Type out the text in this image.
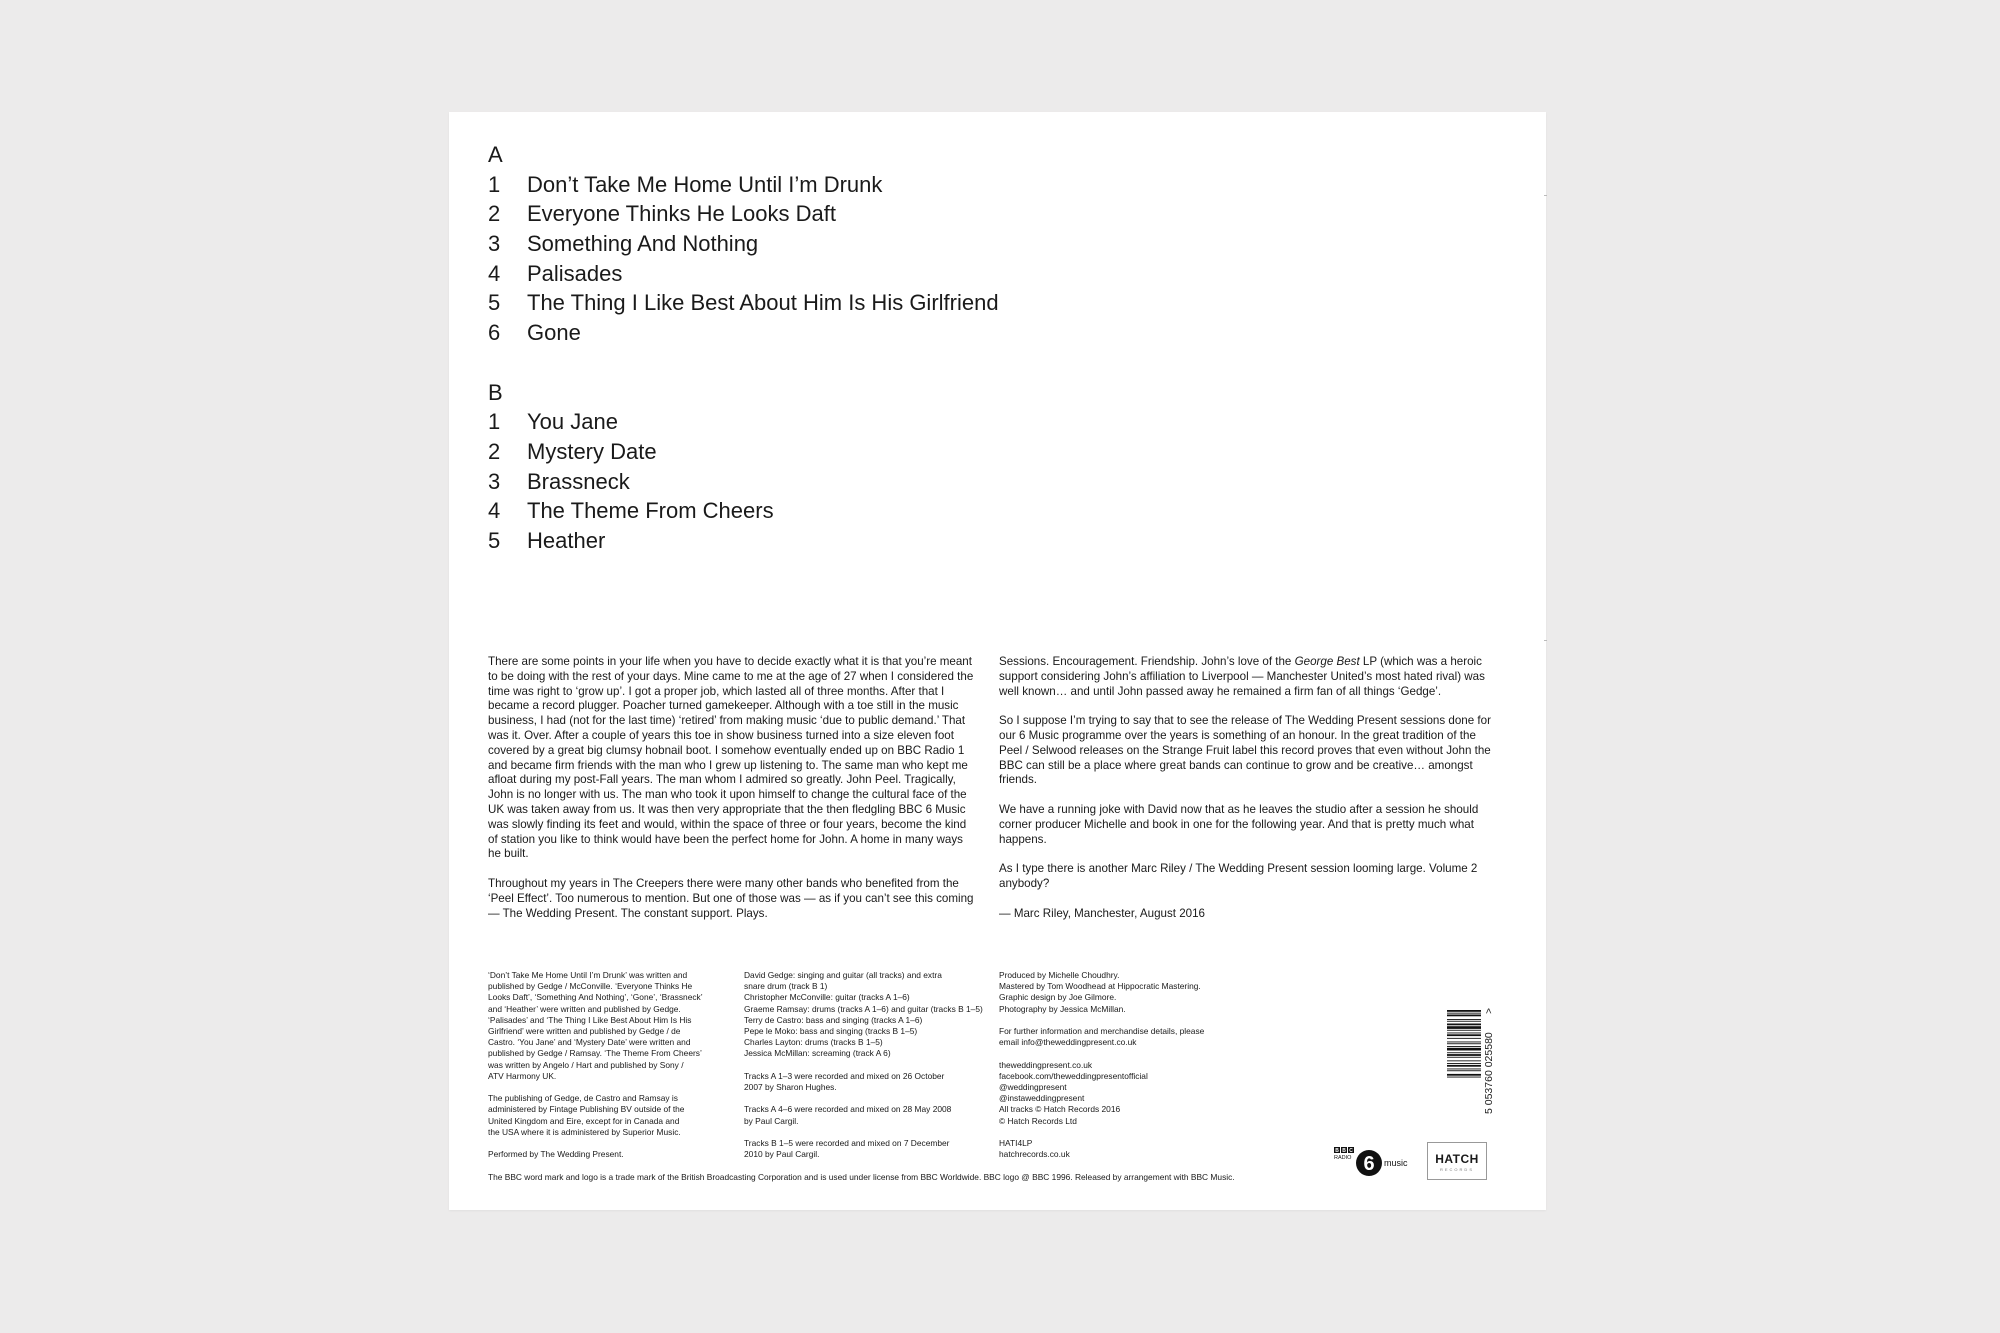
A
1	Don’t Take Me Home Until I’m Drunk
2	Everyone Thinks He Looks Daft
3	Something And Nothing
4	Palisades
5	The Thing I Like Best About Him Is His Girlfriend
6	Gone
B
1	You Jane
2	Mystery Date
3	Brassneck
4	The Theme From Cheers
5	Heather

There are some points in your life when you have to decide exactly what it is that you’re meant to be doing with the rest of your days. Mine came to me at the age of 27 when I considered the time was right to ‘grow up’. I got a proper job, which lasted all of three months. After that I became a record plugger. Poacher turned gamekeeper. Although with a toe still in the music business, I had (not for the last time) ‘retired’ from making music ‘due to public demand.’ That was it. Over. After a couple of years this toe in show business turned into a size eleven foot covered by a great big clumsy hobnail boot. I somehow eventually ended up on BBC Radio 1 and became firm friends with the man who I grew up listening to. The same man who kept me afloat during my post-Fall years. The man whom I admired so greatly. John Peel. Tragically, John is no longer with us. The man who took it upon himself to change the cultural face of the UK was taken away from us. It was then very appropriate that the then fledgling BBC 6 Music was slowly finding its feet and would, within the space of three or four years, become the kind of station you like to think would have been the perfect home for John. A home in many ways he built.

Throughout my years in The Creepers there were many other bands who benefited from the ‘Peel Effect’. Too numerous to mention. But one of those was — as if you can’t see this coming — The Wedding Present. The constant support. Plays.

Sessions. Encouragement. Friendship. John’s love of the George Best LP (which was a heroic support considering John’s affiliation to Liverpool — Manchester United’s most hated rival) was well known… and until John passed away he remained a firm fan of all things ‘Gedge’.

So I suppose I’m trying to say that to see the release of The Wedding Present sessions done for our 6 Music programme over the years is something of an honour. In the great tradition of the Peel / Selwood releases on the Strange Fruit label this record proves that even without John the BBC can still be a place where great bands can continue to grow and be creative… amongst friends.

We have a running joke with David now that as he leaves the studio after a session he should corner producer Michelle and book in one for the following year. And that is pretty much what happens.

As I type there is another Marc Riley / The Wedding Present session looming large. Volume 2 anybody?

— Marc Riley, Manchester, August 2016

‘Don’t Take Me Home Until I’m Drunk’ was written and
published by Gedge / McConville. ‘Everyone Thinks He
Looks Daft’, ‘Something And Nothing’, ‘Gone’, ‘Brassneck’
and ‘Heather’ were written and published by Gedge.
‘Palisades’ and ‘The Thing I Like Best About Him Is His
Girlfriend’ were written and published by Gedge / de
Castro. ‘You Jane’ and ‘Mystery Date’ were written and
published by Gedge / Ramsay. ‘The Theme From Cheers’
was written by Angelo / Hart and published by Sony /
ATV Harmony UK.

The publishing of Gedge, de Castro and Ramsay is
administered by Fintage Publishing BV outside of the
United Kingdom and Eire, except for in Canada and
the USA where it is administered by Superior Music.

Performed by The Wedding Present.

David Gedge: singing and guitar (all tracks) and extra
snare drum (track B 1)
Christopher McConville: guitar (tracks A 1–6)
Graeme Ramsay: drums (tracks A 1–6) and guitar (tracks B 1–5)
Terry de Castro: bass and singing (tracks A 1–6)
Pepe le Moko: bass and singing (tracks B 1–5)
Charles Layton: drums (tracks B 1–5)
Jessica McMillan: screaming (track A 6)

Tracks A 1–3 were recorded and mixed on 26 October
2007 by Sharon Hughes.

Tracks A 4–6 were recorded and mixed on 28 May 2008
by Paul Cargil.

Tracks B 1–5 were recorded and mixed on 7 December
2010 by Paul Cargil.

Produced by Michelle Choudhry.
Mastered by Tom Woodhead at Hippocratic Mastering.
Graphic design by Joe Gilmore.
Photography by Jessica McMillan.

For further information and merchandise details, please
email info@theweddingpresent.co.uk

theweddingpresent.co.uk
facebook.com/theweddingpresentofficial
@weddingpresent
@instaweddingpresent
All tracks © Hatch Records 2016
© Hatch Records Ltd

HATI4LP
hatchrecords.co.uk

The BBC word mark and logo is a trade mark of the British Broadcasting Corporation and is used under license from BBC Worldwide. BBC logo @ BBC 1996. Released by arrangement with BBC Music.
5 053760 025580
>
B B C
RADIO 6 music	HATCH
RECORDS
